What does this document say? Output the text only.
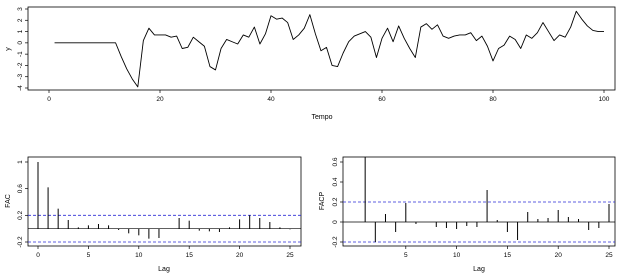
0	20	40	60	80	100
-4
-3
-2
-1
0
1
2
3
Tempo
y
0	5	10	15	20	25
-0.2
0.2
0.6
1
Lag
FAC
5	10	15	20	25
-0.2
0
0.2
0.4
0.6
Lag
FACP
